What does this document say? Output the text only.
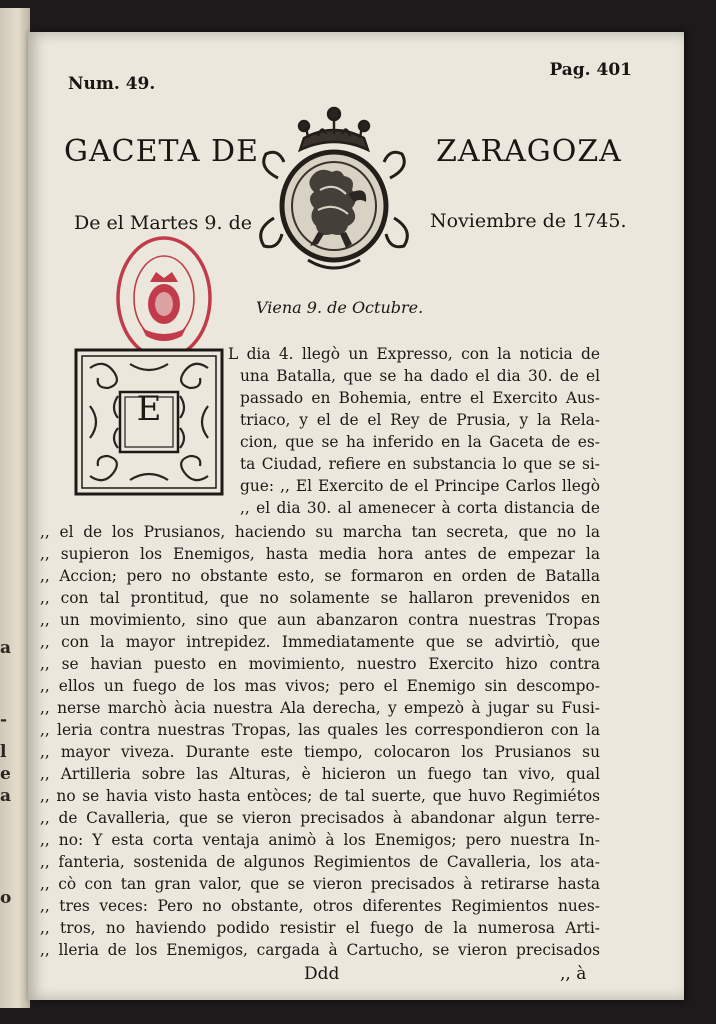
a
-
l
e
a
o
Num. 49.
Pag. 401
GACETA DE	ZARAGOZA
De el Martes 9. de	Noviembre de 1745.
Viena 9. de Octubre.
E
L dia 4. llegò un Expresso, con la noticia de
una Batalla, que se ha dado el dia 30. de el
passado en Bohemia, entre el Exercito Aus-
triaco, y el de el Rey de Prusia, y la Rela-
cion, que se ha inferido en la Gaceta de es-
ta Ciudad, refiere en substancia lo que se si-
gue: ,, El Exercito de el Principe Carlos llegò
,, el dia 30. al amenecer à corta distancia de
,, el de los Prusianos, haciendo su marcha tan secreta, que no la
,, supieron los Enemigos, hasta media hora antes de empezar la
,, Accion; pero no obstante esto, se formaron en orden de Batalla
,, con tal prontitud, que no solamente se hallaron prevenidos en
,, un movimiento, sino que aun abanzaron contra nuestras Tropas
,, con la mayor intrepidez. Immediatamente que se advirtiò, que
,, se havian puesto en movimiento, nuestro Exercito hizo contra
,, ellos un fuego de los mas vivos; pero el Enemigo sin descompo-
,, nerse marchò àcia nuestra Ala derecha, y empezò à jugar su Fusi-
,, leria contra nuestras Tropas, las quales les correspondieron con la
,, mayor viveza. Durante este tiempo, colocaron los Prusianos su
,, Artilleria sobre las Alturas, è hicieron un fuego tan vivo, qual
,, no se havia visto hasta entòces; de tal suerte, que huvo Regimiétos
,, de Cavalleria, que se vieron precisados à abandonar algun terre-
,, no: Y esta corta ventaja animò à los Enemigos; pero nuestra In-
,, fanteria, sostenida de algunos Regimientos de Cavalleria, los ata-
,, cò con tan gran valor, que se vieron precisados à retirarse hasta
,, tres veces: Pero no obstante, otros diferentes Regimientos nues-
,, tros, no haviendo podido resistir el fuego de la numerosa Arti-
,, lleria de los Enemigos, cargada à Cartucho, se vieron precisados
Ddd	,, à
